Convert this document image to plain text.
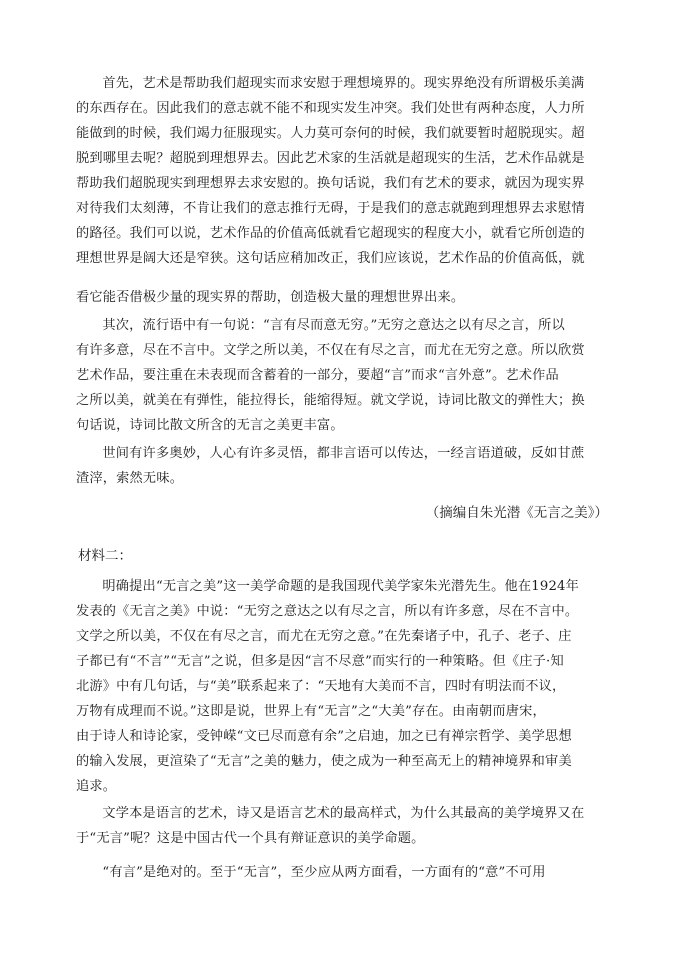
首先，艺术是帮助我们超现实而求安慰于理想境界的。现实界绝没有所谓极乐美满
的东西存在。因此我们的意志就不能不和现实发生冲突。我们处世有两种态度，人力所
能做到的时候，我们竭力征服现实。人力莫可奈何的时候，我们就要暂时超脱现实。超
脱到哪里去呢？超脱到理想界去。因此艺术家的生活就是超现实的生活，艺术作品就是
帮助我们超脱现实到理想界去求安慰的。换句话说，我们有艺术的要求，就因为现实界
对待我们太刻薄，不肯让我们的意志推行无碍，于是我们的意志就跑到理想界去求慰情
的路径。我们可以说，艺术作品的价值高低就看它超现实的程度大小，就看它所创造的
理想世界是阔大还是窄狭。这句话应稍加改正，我们应该说，艺术作品的价值高低，就
看它能否借极少量的现实界的帮助，创造极大量的理想世界出来。
其次，流行语中有一句说：“言有尽而意无穷。”无穷之意达之以有尽之言，所以
有许多意，尽在不言中。文学之所以美，不仅在有尽之言，而尤在无穷之意。所以欣赏
艺术作品，要注重在未表现而含蓄着的一部分，要超“言”而求“言外意”。艺术作品
之所以美，就美在有弹性，能拉得长，能缩得短。就文学说，诗词比散文的弹性大；换
句话说，诗词比散文所含的无言之美更丰富。
世间有许多奥妙，人心有许多灵悟，都非言语可以传达，一经言语道破，反如甘蔗
渣滓，索然无味。
（摘编自朱光潜《无言之美》）
材料二：
明确提出“无言之美”这一美学命题的是我国现代美学家朱光潜先生。他在1924年
发表的《无言之美》中说：“无穷之意达之以有尽之言，所以有许多意，尽在不言中。
文学之所以美，不仅在有尽之言，而尤在无穷之意。”在先秦诸子中，孔子、老子、庄
子都已有“不言”“无言”之说，但多是因“言不尽意”而实行的一种策略。但《庄子·知
北游》中有几句话，与“美”联系起来了：“天地有大美而不言，四时有明法而不议，
万物有成理而不说。”这即是说，世界上有“无言”之“大美”存在。由南朝而唐宋，
由于诗人和诗论家，受钟嵘“文已尽而意有余”之启迪，加之已有禅宗哲学、美学思想
的输入发展，更渲染了“无言”之美的魅力，使之成为一种至高无上的精神境界和审美
追求。
文学本是语言的艺术，诗又是语言艺术的最高样式，为什么其最高的美学境界又在
于“无言”呢？这是中国古代一个具有辩证意识的美学命题。
“有言”是绝对的。至于“无言”，至少应从两方面看，一方面有的“意”不可用
